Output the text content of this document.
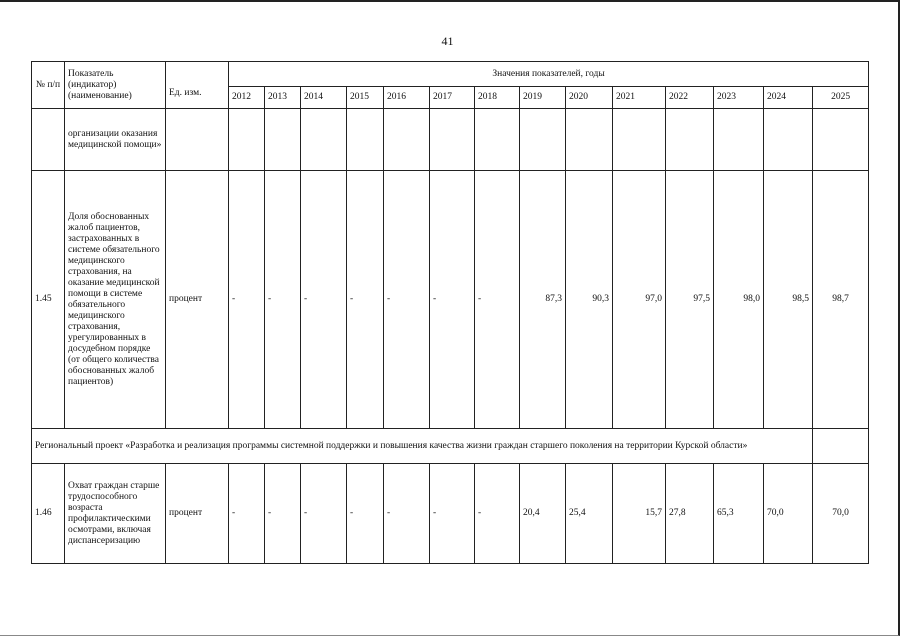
41
№ п/п	Показатель (индикатор) (наименование)	Ед. изм.	Значения показателей, годы													
			2012	2013	2014	2015	2016	2017	2018	2019	2020	2021	2022	2023	2024	2025
	организации оказания медицинской помощи»															
1.45	Доля обоснованных жалоб пациентов, застрахованных в системе обязательного медицинского страхования, на оказание медицинской помощи в системе обязательного медицинского страхования, урегулированных в досудебном порядке (от общего количества обоснованных жалоб пациентов)	процент	-	-	-	-	-	-	-	87,3	90,3	97,0	97,5	98,0	98,5	98,7
Региональный проект «Разработка и реализация программы системной поддержки и повышения качества жизни граждан старшего поколения на территории Курской области»																
1.46	Охват граждан старше трудоспособного возраста профилактическими осмотрами, включая диспансеризацию	процент	-	-	-	-	-	-	-	20,4	25,4	15,7	27,8	65,3	70,0	70,0
